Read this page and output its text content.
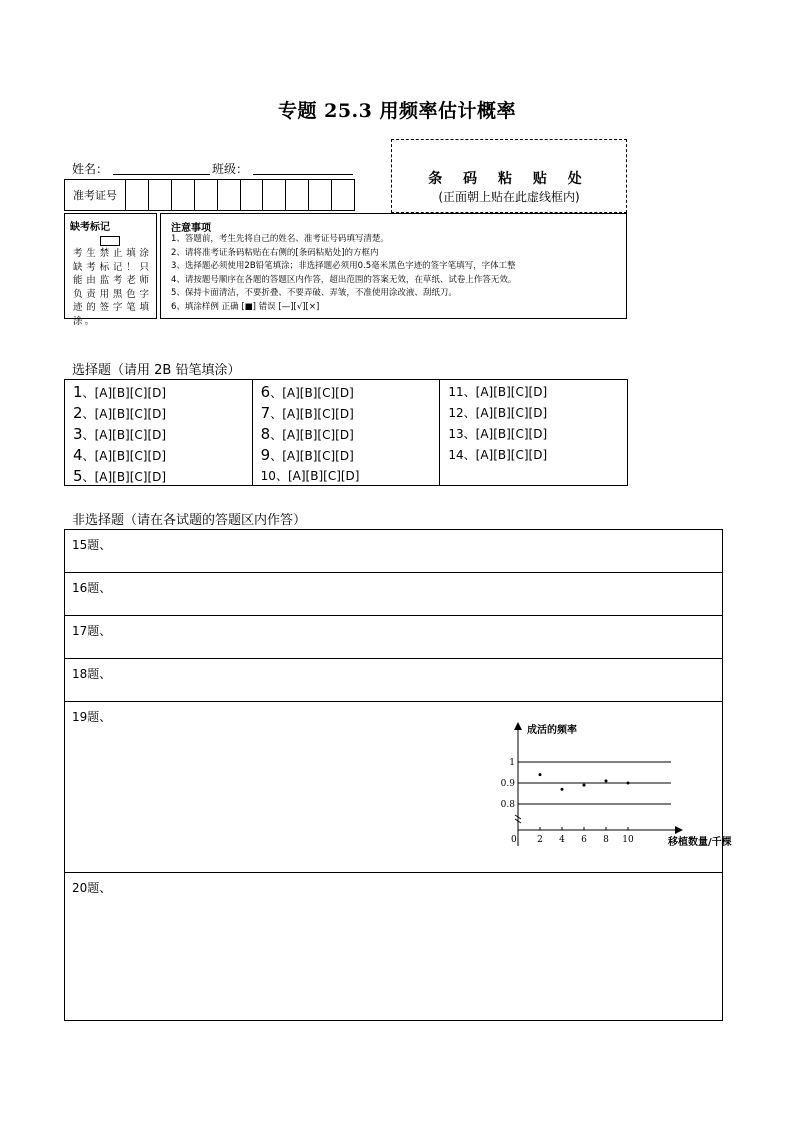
专题 25.3 用频率估计概率
姓名：	班级：
条 码 粘 贴 处
(正面朝上贴在此虚线框内)
准考证号
缺考标记
考生禁止填涂缺考标记！只能由监考老师负责用黑色字迹的签字笔填涂。
注意事项
1、答题前，考生先将自己的姓名、准考证号码填写清楚。
2、请将准考证条码粘贴在右侧的[条码粘贴处]的方框内
3、选择题必须使用2B铅笔填涂；非选择题必须用0.5毫米黑色字迹的签字笔填写，字体工整
4、请按题号顺序在各题的答题区内作答，超出范围的答案无效，在草纸、试卷上作答无效。
5、保持卡面清洁，不要折叠、不要弄破、弄皱，不准使用涂改液、刮纸刀。
6、填涂样例 正确 [■] 错误 [—][√][×]
选择题（请用 2B 铅笔填涂）
1、[A][B][C][D]
2、[A][B][C][D]
3、[A][B][C][D]
4、[A][B][C][D]
5、[A][B][C][D]
6、[A][B][C][D]
7、[A][B][C][D]
8、[A][B][C][D]
9、[A][B][C][D]
10、[A][B][C][D]
11、[A][B][C][D]
12、[A][B][C][D]
13、[A][B][C][D]
14、[A][B][C][D]
非选择题（请在各试题的答题区内作答）
15题、
16题、
17题、
18题、
19题、
20题、
成活的频率
移植数量/千棵
0
0.8
0.9
1
2 4 6 8 10
